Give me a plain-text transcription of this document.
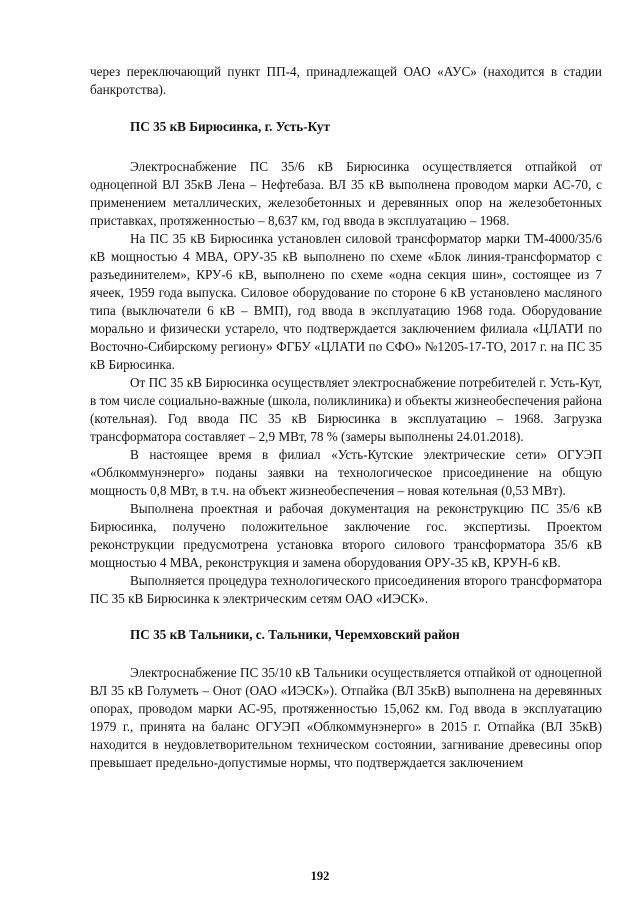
через переключающий пункт ПП-4, принадлежащей ОАО «АУС» (находится в стадии банкротства).

ПС 35 кВ Бирюсинка, г. Усть-Кут

Электроснабжение ПС 35/6 кВ Бирюсинка осуществляется отпайкой от одноцепной ВЛ 35кВ Лена – Нефтебаза. ВЛ 35 кВ выполнена проводом марки АС-70, с применением металлических, железобетонных и деревянных опор на железобетонных приставках, протяженностью – 8,637 км, год ввода в эксплуатацию – 1968.

На ПС 35 кВ Бирюсинка установлен силовой трансформатор марки ТМ-4000/35/6 кВ мощностью 4 МВА, ОРУ-35 кВ выполнено по схеме «Блок линия-трансформатор с разъединителем», КРУ-6 кВ, выполнено по схеме «одна секция шин», состоящее из 7 ячеек, 1959 года выпуска. Силовое оборудование по стороне 6 кВ установлено масляного типа (выключатели 6 кВ – ВМП), год ввода в эксплуатацию 1968 года. Оборудование морально и физически устарело, что подтверждается заключением филиала «ЦЛАТИ по Восточно-Сибирскому региону» ФГБУ «ЦЛАТИ по СФО» №1205-17-ТО, 2017 г. на ПС 35 кВ Бирюсинка.

От ПС 35 кВ Бирюсинка осуществляет электроснабжение потребителей г. Усть-Кут, в том числе социально-важные (школа, поликлиника) и объекты жизнеобеспечения района (котельная). Год ввода ПС 35 кВ Бирюсинка в эксплуатацию – 1968. Загрузка трансформатора составляет – 2,9 МВт, 78 % (замеры выполнены 24.01.2018).

В настоящее время в филиал «Усть-Кутские электрические сети» ОГУЭП «Облкоммунэнерго» поданы заявки на технологическое присоединение на общую мощность 0,8 МВт, в т.ч. на объект жизнеобеспечения – новая котельная (0,53 МВт).

Выполнена проектная и рабочая документация на реконструкцию ПС 35/6 кВ Бирюсинка, получено положительное заключение гос. экспертизы. Проектом реконструкции предусмотрена установка второго силового трансформатора 35/6 кВ мощностью 4 МВА, реконструкция и замена оборудования ОРУ-35 кВ, КРУН-6 кВ.

Выполняется процедура технологического присоединения второго трансформатора ПС 35 кВ Бирюсинка к электрическим сетям ОАО «ИЭСК».

ПС 35 кВ Тальники, с. Тальники, Черемховский район

Электроснабжение ПС 35/10 кВ Тальники осуществляется отпайкой от одноцепной ВЛ 35 кВ Голуметь – Онот (ОАО «ИЭСК»). Отпайка (ВЛ 35кВ) выполнена на деревянных опорах, проводом марки АС-95, протяженностью 15,062 км. Год ввода в эксплуатацию 1979 г., принята на баланс ОГУЭП «Облкоммунэнерго» в 2015 г. Отпайка (ВЛ 35кВ) находится в неудовлетворительном техническом состоянии, загнивание древесины опор превышает предельно-допустимые нормы, что подтверждается заключением

192
